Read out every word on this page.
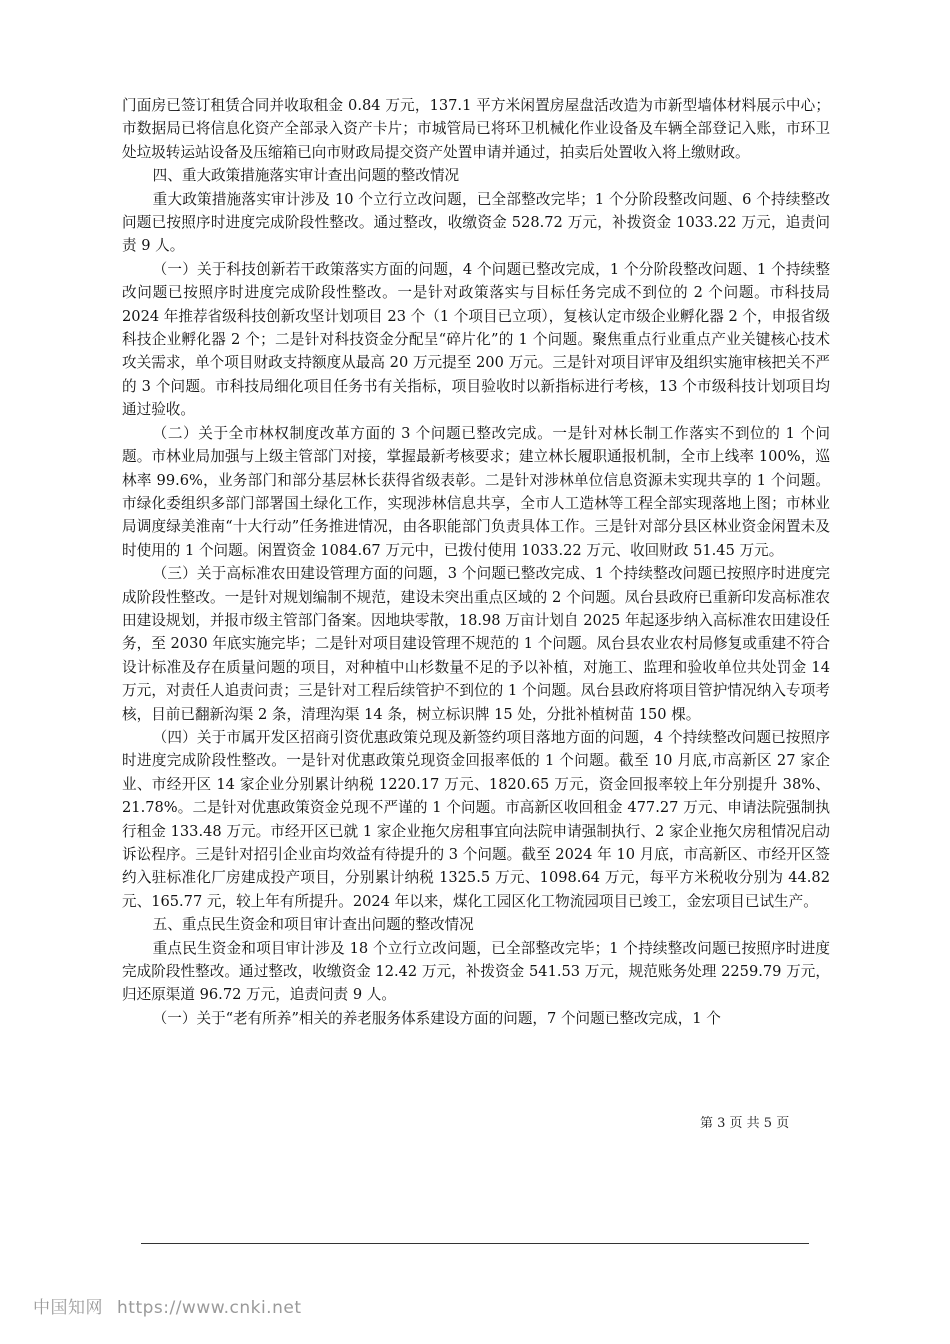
门面房已签订租赁合同并收取租金 0.84 万元，137.1 平方米闲置房屋盘活改造为市新型墙体材料展示中心；市数据局已将信息化资产全部录入资产卡片；市城管局已将环卫机械化作业设备及车辆全部登记入账，市环卫处垃圾转运站设备及压缩箱已向市财政局提交资产处置申请并通过，拍卖后处置收入将上缴财政。

四、重大政策措施落实审计查出问题的整改情况

重大政策措施落实审计涉及 10 个立行立改问题，已全部整改完毕；1 个分阶段整改问题、6 个持续整改问题已按照序时进度完成阶段性整改。通过整改，收缴资金 528.72 万元，补拨资金 1033.22 万元，追责问责 9 人。

（一）关于科技创新若干政策落实方面的问题，4 个问题已整改完成，1 个分阶段整改问题、1 个持续整改问题已按照序时进度完成阶段性整改。一是针对政策落实与目标任务完成不到位的 2 个问题。市科技局 2024 年推荐省级科技创新攻坚计划项目 23 个（1 个项目已立项），复核认定市级企业孵化器 2 个，申报省级科技企业孵化器 2 个；二是针对科技资金分配呈“碎片化”的 1 个问题。聚焦重点行业重点产业关键核心技术攻关需求，单个项目财政支持额度从最高 20 万元提至 200 万元。三是针对项目评审及组织实施审核把关不严的 3 个问题。市科技局细化项目任务书有关指标，项目验收时以新指标进行考核，13 个市级科技计划项目均通过验收。

（二）关于全市林权制度改革方面的 3 个问题已整改完成。一是针对林长制工作落实不到位的 1 个问题。市林业局加强与上级主管部门对接，掌握最新考核要求；建立林长履职通报机制，全市上线率 100%，巡林率 99.6%，业务部门和部分基层林长获得省级表彰。二是针对涉林单位信息资源未实现共享的 1 个问题。市绿化委组织多部门部署国土绿化工作，实现涉林信息共享，全市人工造林等工程全部实现落地上图；市林业局调度绿美淮南“十大行动”任务推进情况，由各职能部门负责具体工作。三是针对部分县区林业资金闲置未及时使用的 1 个问题。闲置资金 1084.67 万元中，已拨付使用 1033.22 万元、收回财政 51.45 万元。

（三）关于高标准农田建设管理方面的问题，3 个问题已整改完成、1 个持续整改问题已按照序时进度完成阶段性整改。一是针对规划编制不规范，建设未突出重点区域的 2 个问题。凤台县政府已重新印发高标准农田建设规划，并报市级主管部门备案。因地块零散，18.98 万亩计划自 2025 年起逐步纳入高标准农田建设任务，至 2030 年底实施完毕；二是针对项目建设管理不规范的 1 个问题。凤台县农业农村局修复或重建不符合设计标准及存在质量问题的项目，对种植中山杉数量不足的予以补植，对施工、监理和验收单位共处罚金 14 万元，对责任人追责问责；三是针对工程后续管护不到位的 1 个问题。凤台县政府将项目管护情况纳入专项考核，目前已翻新沟渠 2 条，清理沟渠 14 条，树立标识牌 15 处，分批补植树苗 150 棵。

（四）关于市属开发区招商引资优惠政策兑现及新签约项目落地方面的问题，4 个持续整改问题已按照序时进度完成阶段性整改。一是针对优惠政策兑现资金回报率低的 1 个问题。截至 10 月底,市高新区 27 家企业、市经开区 14 家企业分别累计纳税 1220.17 万元、1820.65 万元，资金回报率较上年分别提升 38%、21.78%。二是针对优惠政策资金兑现不严谨的 1 个问题。市高新区收回租金 477.27 万元、申请法院强制执行租金 133.48 万元。市经开区已就 1 家企业拖欠房租事宜向法院申请强制执行、2 家企业拖欠房租情况启动诉讼程序。三是针对招引企业亩均效益有待提升的 3 个问题。截至 2024 年 10 月底，市高新区、市经开区签约入驻标准化厂房建成投产项目，分别累计纳税 1325.5 万元、1098.64 万元，每平方米税收分别为 44.82 元、165.77 元，较上年有所提升。2024 年以来，煤化工园区化工物流园项目已竣工，金宏项目已试生产。

五、重点民生资金和项目审计查出问题的整改情况

重点民生资金和项目审计涉及 18 个立行立改问题，已全部整改完毕；1 个持续整改问题已按照序时进度完成阶段性整改。通过整改，收缴资金 12.42 万元，补拨资金 541.53 万元，规范账务处理 2259.79 万元，归还原渠道 96.72 万元，追责问责 9 人。

（一）关于“老有所养”相关的养老服务体系建设方面的问题，7 个问题已整改完成，1 个

第 3 页 共 5 页
中国知网 https://www.cnki.net
